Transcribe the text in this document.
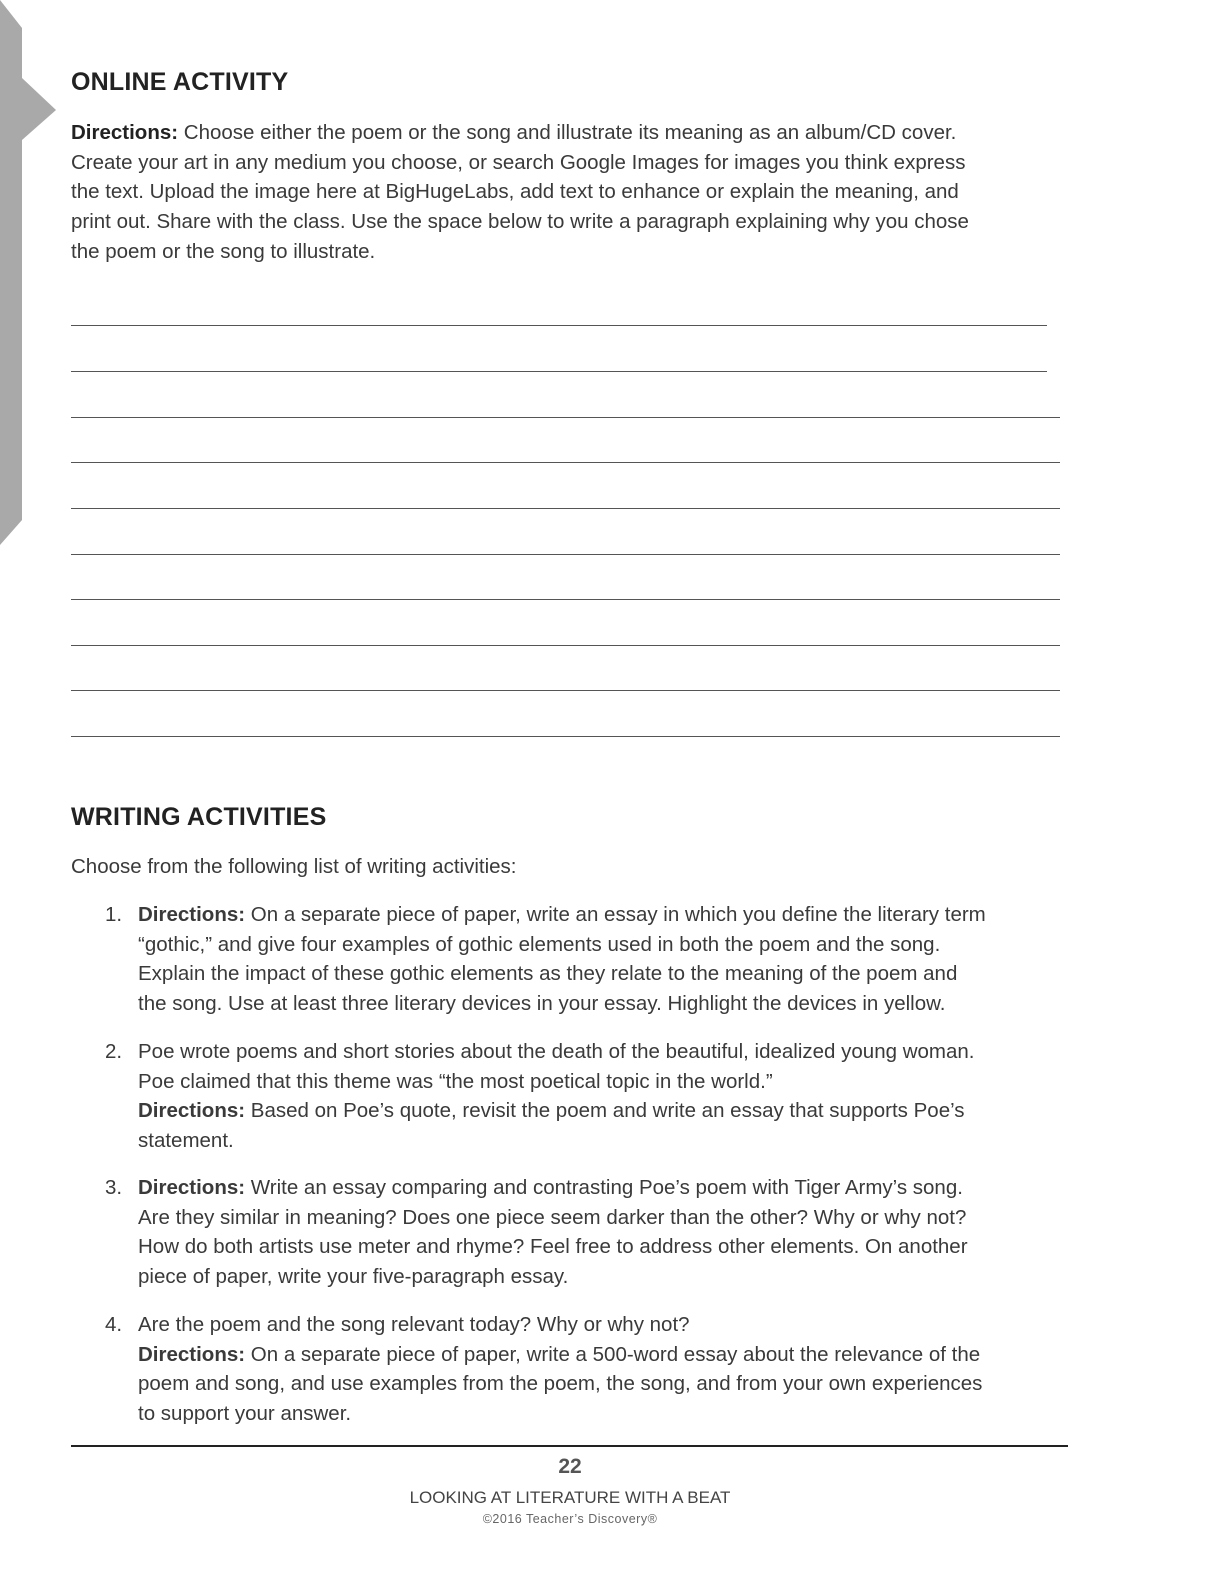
ONLINE ACTIVITY
Directions: Choose either the poem or the song and illustrate its meaning as an album/CD cover.
Create your art in any medium you choose, or search Google Images for images you think express
the text. Upload the image here at BigHugeLabs, add text to enhance or explain the meaning, and
print out. Share with the class. Use the space below to write a paragraph explaining why you chose
the poem or the song to illustrate.
WRITING ACTIVITIES
Choose from the following list of writing activities:
1. Directions: On a separate piece of paper, write an essay in which you define the literary term
“gothic,” and give four examples of gothic elements used in both the poem and the song.
Explain the impact of these gothic elements as they relate to the meaning of the poem and
the song. Use at least three literary devices in your essay. Highlight the devices in yellow.
2. Poe wrote poems and short stories about the death of the beautiful, idealized young woman.
Poe claimed that this theme was “the most poetical topic in the world.”
Directions: Based on Poe’s quote, revisit the poem and write an essay that supports Poe’s
statement.
3. Directions: Write an essay comparing and contrasting Poe’s poem with Tiger Army’s song.
Are they similar in meaning? Does one piece seem darker than the other? Why or why not?
How do both artists use meter and rhyme? Feel free to address other elements. On another
piece of paper, write your five-paragraph essay.
4. Are the poem and the song relevant today? Why or why not?
Directions: On a separate piece of paper, write a 500-word essay about the relevance of the
poem and song, and use examples from the poem, the song, and from your own experiences
to support your answer.
22
LOOKING AT LITERATURE WITH A BEAT
©2016 Teacher’s Discovery®
